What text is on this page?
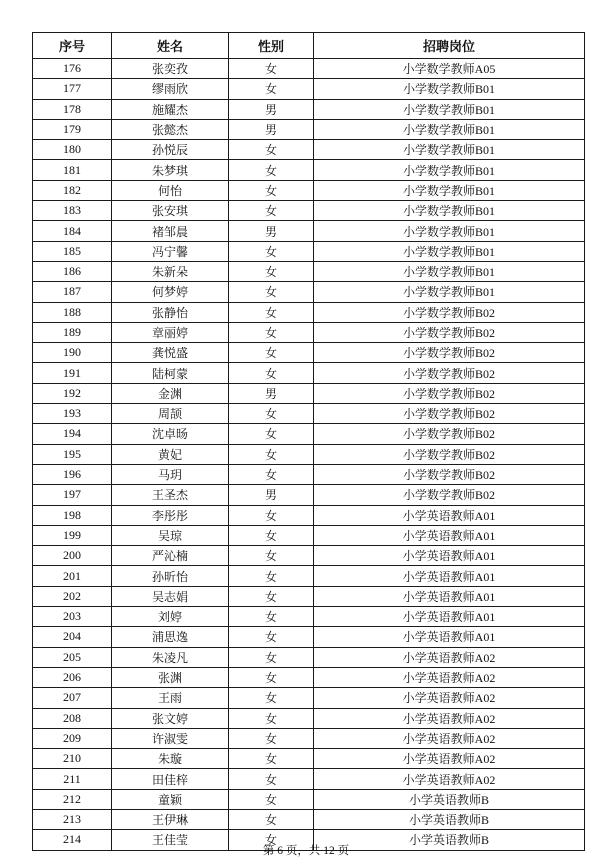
序号	姓名	性别	招聘岗位
176	张奕孜	女	小学数学教师A05
177	缪雨欣	女	小学数学教师B01
178	施耀杰	男	小学数学教师B01
179	张懿杰	男	小学数学教师B01
180	孙悦辰	女	小学数学教师B01
181	朱梦琪	女	小学数学教师B01
182	何怡	女	小学数学教师B01
183	张安琪	女	小学数学教师B01
184	褚邹晨	男	小学数学教师B01
185	冯宁馨	女	小学数学教师B01
186	朱新朵	女	小学数学教师B01
187	何梦婷	女	小学数学教师B01
188	张静怡	女	小学数学教师B02
189	章丽婷	女	小学数学教师B02
190	龚悦盛	女	小学数学教师B02
191	陆柯蒙	女	小学数学教师B02
192	金渊	男	小学数学教师B02
193	周颉	女	小学数学教师B02
194	沈卓旸	女	小学数学教师B02
195	黄妃	女	小学数学教师B02
196	马玥	女	小学数学教师B02
197	王圣杰	男	小学数学教师B02
198	李彤彤	女	小学英语教师A01
199	吴琼	女	小学英语教师A01
200	严沁楠	女	小学英语教师A01
201	孙昕怡	女	小学英语教师A01
202	吴志娟	女	小学英语教师A01
203	刘婷	女	小学英语教师A01
204	浦思逸	女	小学英语教师A01
205	朱凌凡	女	小学英语教师A02
206	张渊	女	小学英语教师A02
207	王雨	女	小学英语教师A02
208	张文婷	女	小学英语教师A02
209	许淑雯	女	小学英语教师A02
210	朱璇	女	小学英语教师A02
211	田佳梓	女	小学英语教师A02
212	童颖	女	小学英语教师B
213	王伊琳	女	小学英语教师B
214	王佳莹	女	小学英语教师B
第 6 页，共 12 页
